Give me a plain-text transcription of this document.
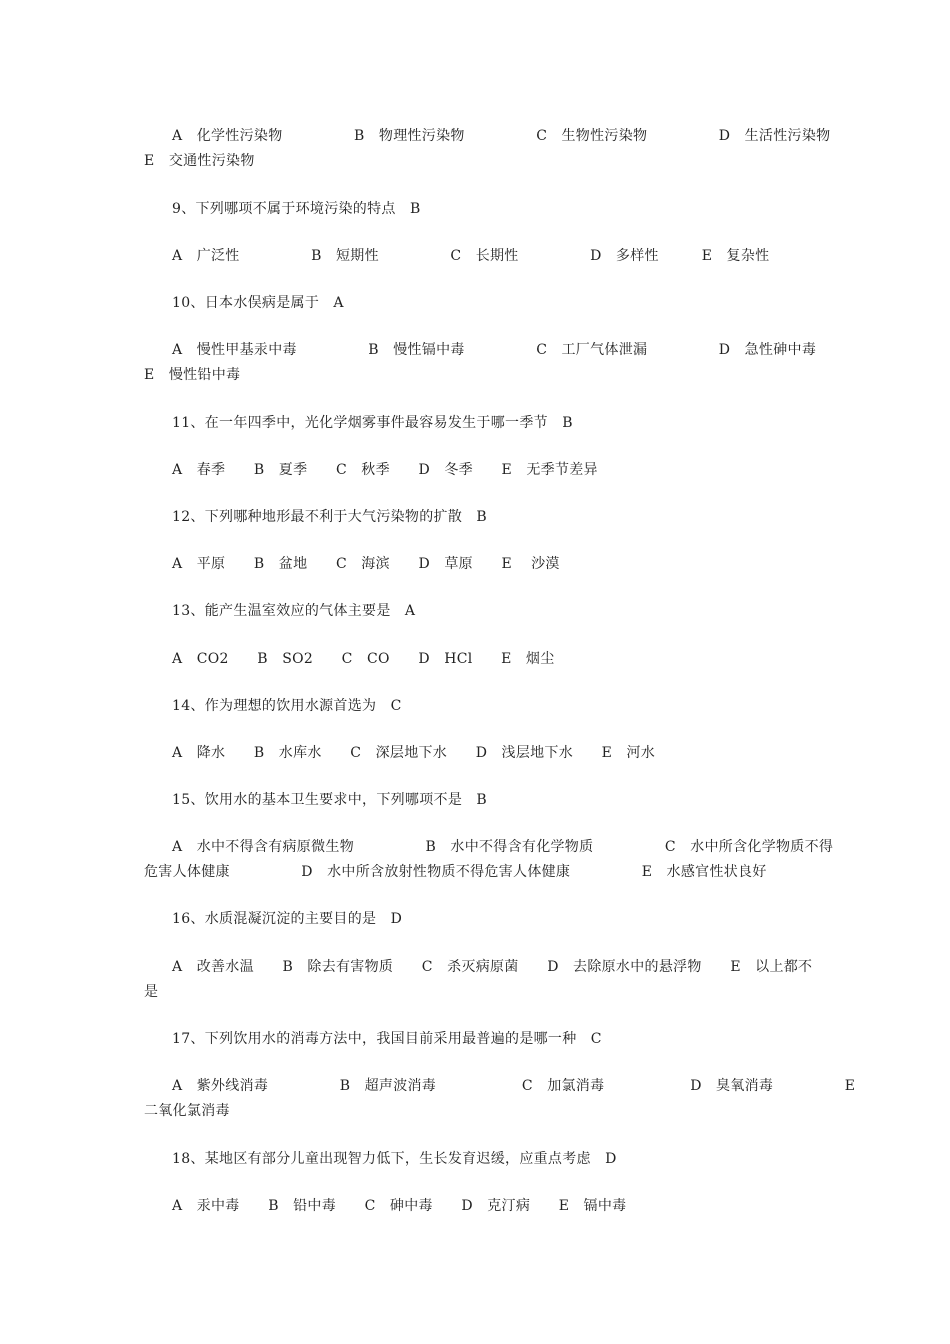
A　化学性污染物　　　　　B　物理性污染物　　　　　C　生物性污染物　　　　　D　生活性污染物
E　交通性污染物
9、下列哪项不属于环境污染的特点　B
A　广泛性　　　　　B　短期性　　　　　C　长期性　　　　　D　多样性　　　E　复杂性
10、日本水俣病是属于　A
A　慢性甲基汞中毒　　　　　B　慢性镉中毒　　　　　C　工厂气体泄漏　　　　　D　急性砷中毒
E　慢性铅中毒
11、在一年四季中，光化学烟雾事件最容易发生于哪一季节　B
A　春季　　B　夏季　　C　秋季　　D　冬季　　E　无季节差异
12、下列哪种地形最不利于大气污染物的扩散　B
A　平原　　B　盆地　　C　海滨　　D　草原　　E　 沙漠
13、能产生温室效应的气体主要是　A
A　CO2　　B　SO2　　C　CO　　D　HCl　　E　烟尘
14、作为理想的饮用水源首选为　C
A　降水　　B　水库水　　C　深层地下水　　D　浅层地下水　　E　河水
15、饮用水的基本卫生要求中，下列哪项不是　B
A　水中不得含有病原微生物　　　　　B　水中不得含有化学物质　　　　　C　水中所含化学物质不得
危害人体健康　　　　　D　水中所含放射性物质不得危害人体健康　　　　　E　水感官性状良好
16、水质混凝沉淀的主要目的是　D
A　改善水温　　B　除去有害物质　　C　杀灭病原菌　　D　去除原水中的悬浮物　　E　以上都不
是
17、下列饮用水的消毒方法中，我国目前采用最普遍的是哪一种　C
A　紫外线消毒　　　　　B　超声波消毒　　　　　　C　加氯消毒　　　　　　D　臭氧消毒　　　　　E
二氧化氯消毒
18、某地区有部分儿童出现智力低下，生长发育迟缓，应重点考虑　D
A　汞中毒　　B　铅中毒　　C　砷中毒　　D　克汀病　　E　镉中毒
